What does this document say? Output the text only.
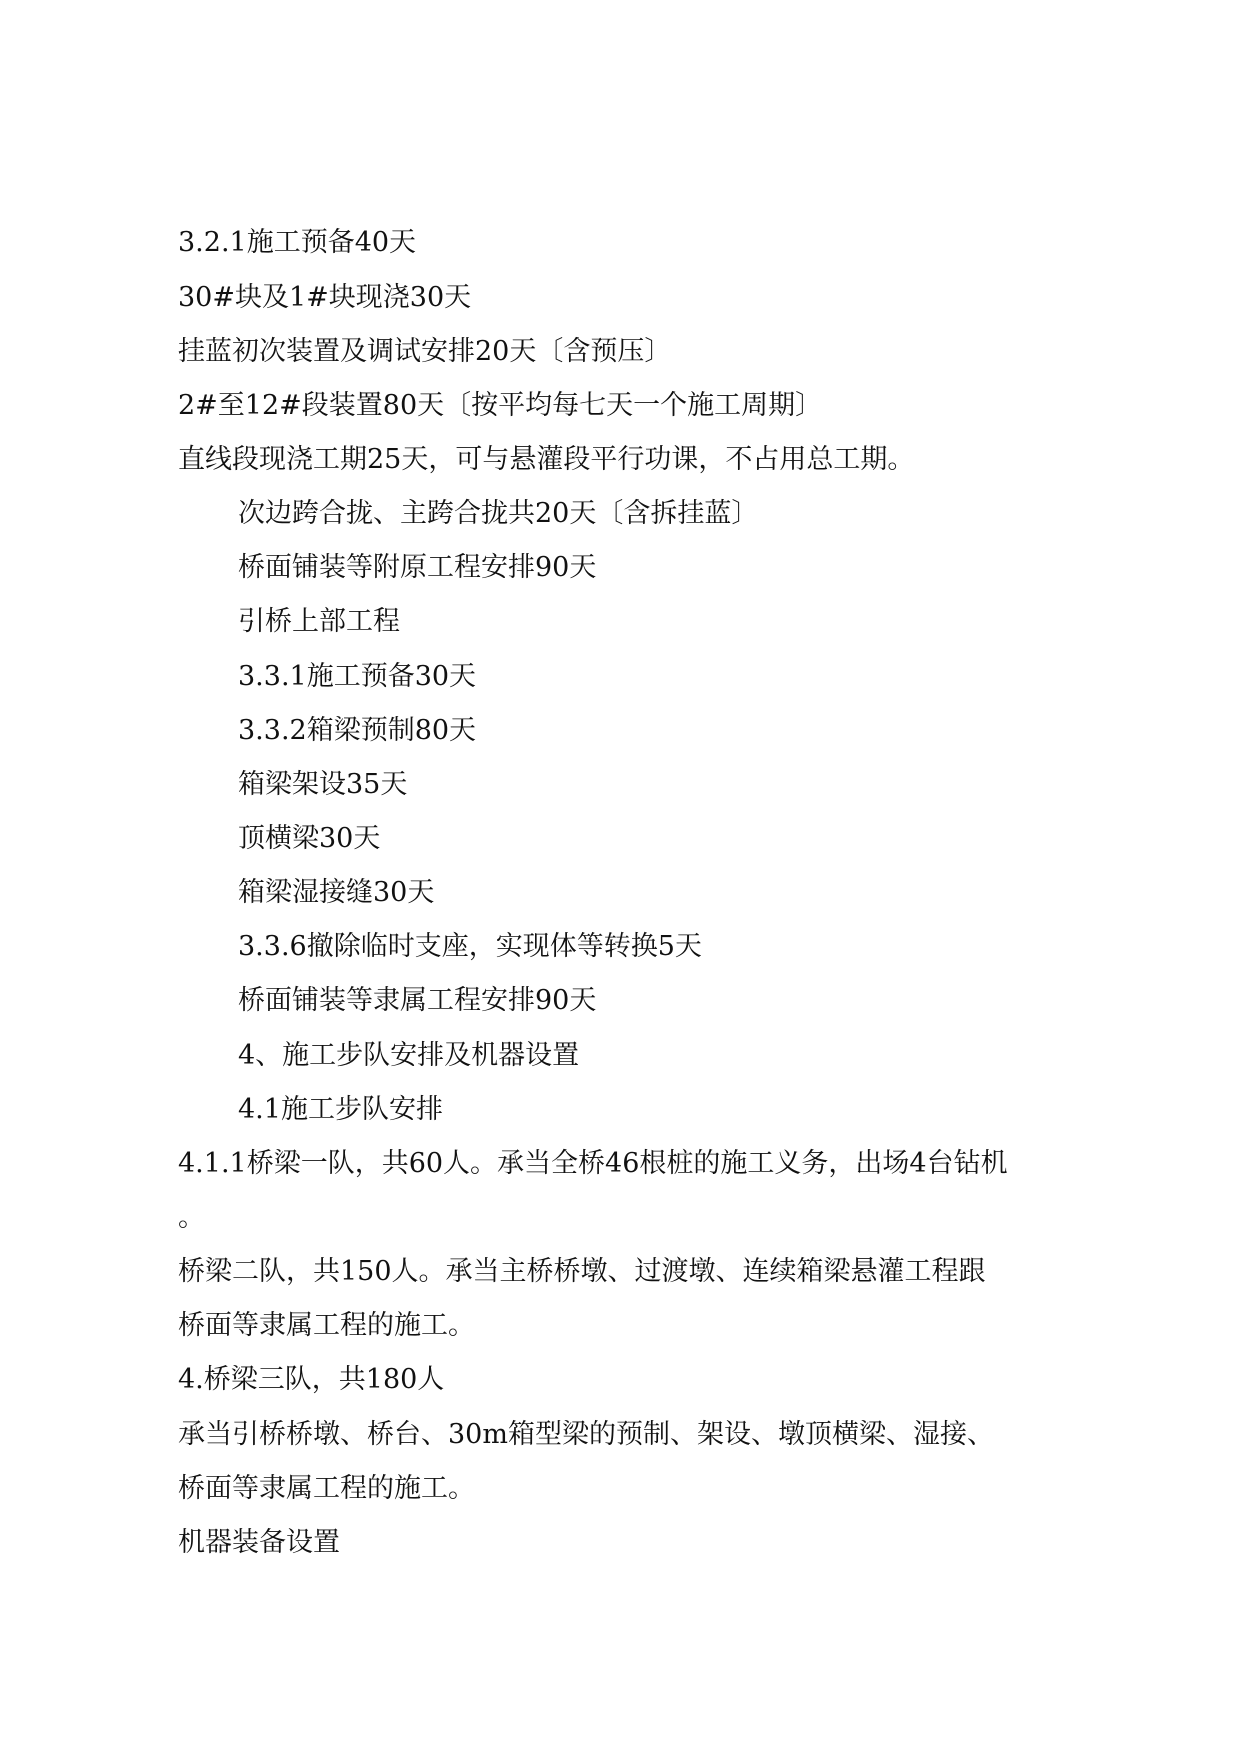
3.2.1施工预备40天

30#块及1#块现浇30天

挂蓝初次装置及调试安排20天〔含预压〕

2#至12#段装置80天〔按平均每七天一个施工周期〕

直线段现浇工期25天，可与悬灌段平行功课，不占用总工期。

次边跨合拢、主跨合拢共20天〔含拆挂蓝〕

桥面铺装等附原工程安排90天

引桥上部工程

3.3.1施工预备30天

3.3.2箱梁预制80天

箱梁架设35天

顶横梁30天

箱梁湿接缝30天

3.3.6撤除临时支座，实现体等转换5天

桥面铺装等隶属工程安排90天

4、施工步队安排及机器设置

4.1施工步队安排

4.1.1桥梁一队，共60人。承当全桥46根桩的施工义务，出场4台钻机

。

桥梁二队，共150人。承当主桥桥墩、过渡墩、连续箱梁悬灌工程跟

桥面等隶属工程的施工。

4.桥梁三队，共180人

承当引桥桥墩、桥台、30m箱型梁的预制、架设、墩顶横梁、湿接、

桥面等隶属工程的施工。

机器装备设置
